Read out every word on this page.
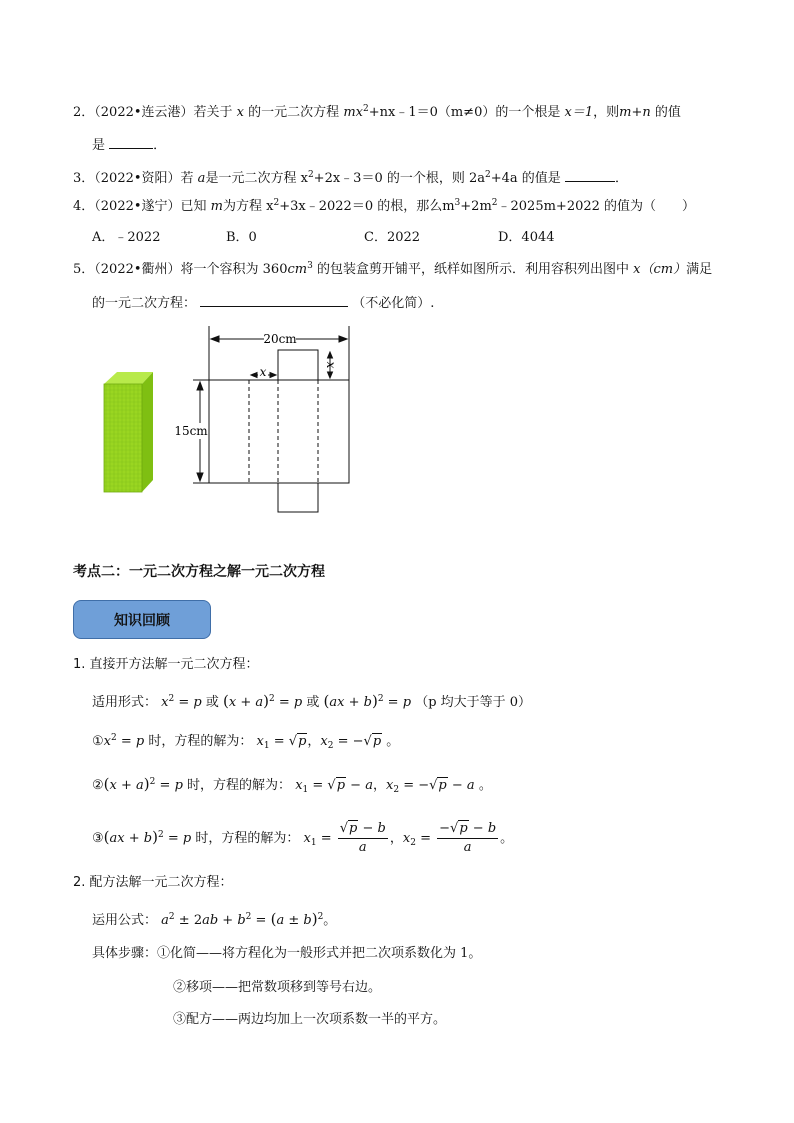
2．（2022•连云港）若关于 x 的一元二次方程 $mx^2+nx﹣1=0(m\ne 0)$的一个根是 x＝1，则m+n 的值
是	．
3．（2022•资阳）若 a是一元二次方程 $x^2+2x﹣3=0$ 的一个根，则 $2a^2+4a$ 的值是	．
4．（2022•遂宁）已知 m为方程 $x^2+3x﹣2022=0$ 的根，那么$m^3+2m^2﹣2025m+2022$ 的值为（　　）
A．﹣2022	B．0	C．2022	D．4044
5．（2022•衢州）将一个容积为 $360cm^3$ 的包装盒剪开铺平，纸样如图所示．利用容积列出图中 x（cm）满足
的一元二次方程：	（不必化简）.
20cm
15cm
x	x
考点二：一元二次方程之解一元二次方程
知识回顾
1. 直接开方法解一元二次方程：
适用形式： $x^2 = p$ 或 $(x + a)^2 = p$ 或 (ax + b)$^2$ = p （p 均大于等于 0）
$①x^2 = p$ 时，方程的解为： $x_1 = √p$，$x_2 = -√p$ 。
②(x + a)$^2$ = p 时，方程的解为： $x_1 = √p - a$，$x_2 = -√p - a$ 。
③(ax + b)$^2$ = p 时，方程的解为： $x_1 = \frac{√p - b}{a}$ ，$x_2 = \frac{-√p - b}{a}$ 。
2. 配方法解一元二次方程：
运用公式： $a^2 \pm 2ab + b^2 = (a \pm b)^2$。
具体步骤：①化简——将方程化为一般形式并把二次项系数化为 1。
②移项——把常数项移到等号右边。
③配方——两边均加上一次项系数一半的平方。
